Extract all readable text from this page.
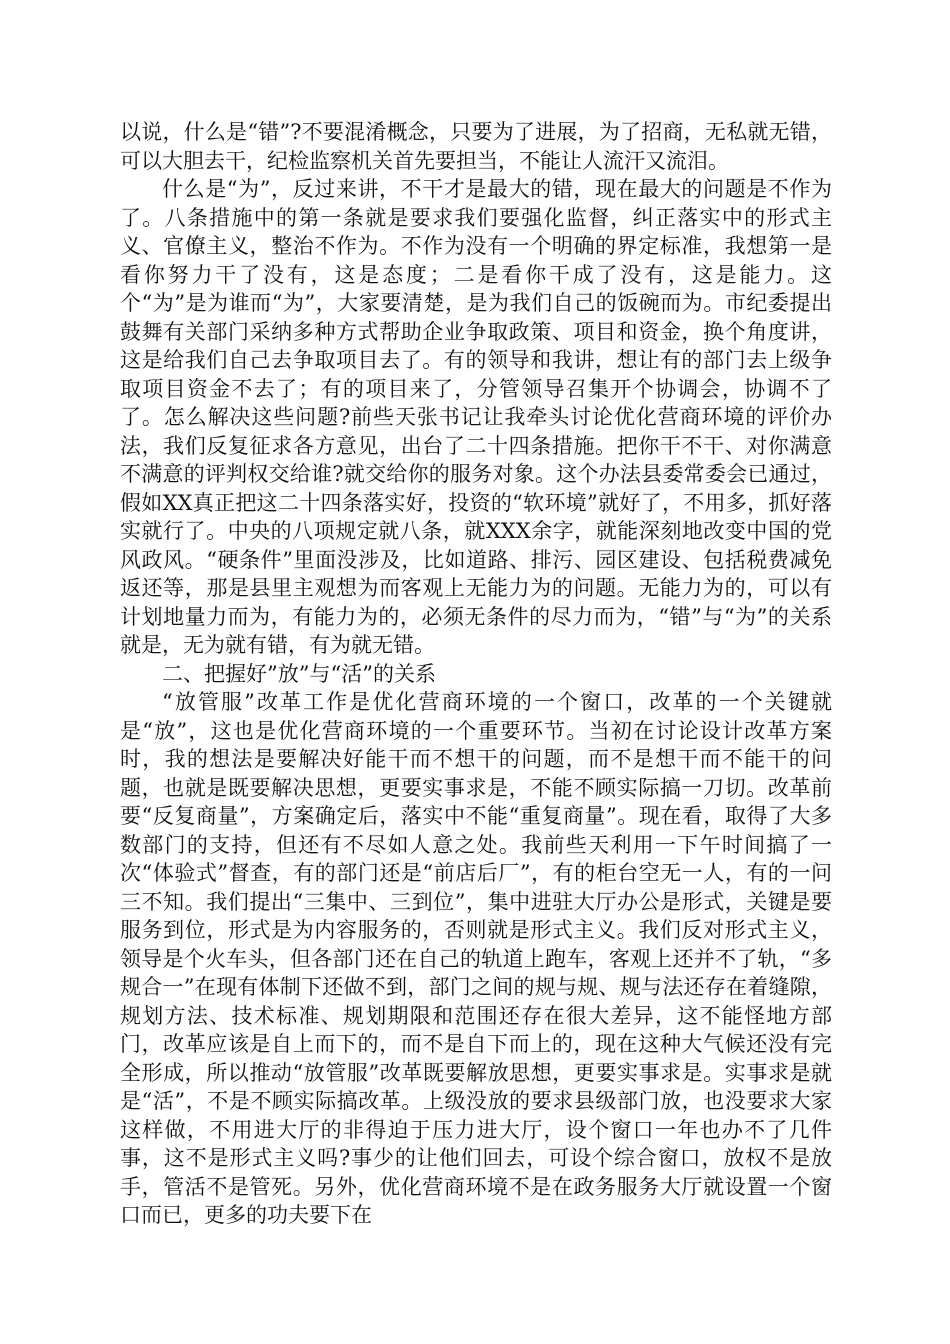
以说，什么是“错”?不要混淆概念，只要为了进展，为了招商，无私就无错，可以大胆去干，纪检监察机关首先要担当，不能让人流汗又流泪。

什么是“为”，反过来讲，不干才是最大的错，现在最大的问题是不作为了。八条措施中的第一条就是要求我们要强化监督，纠正落实中的形式主义、官僚主义，整治不作为。不作为没有一个明确的界定标准，我想第一是看你努力干了没有，这是态度；二是看你干成了没有，这是能力。这个“为”是为谁而“为”，大家要清楚，是为我们自己的饭碗而为。市纪委提出鼓舞有关部门采纳多种方式帮助企业争取政策、项目和资金，换个角度讲，这是给我们自己去争取项目去了。有的领导和我讲，想让有的部门去上级争取项目资金不去了；有的项目来了，分管领导召集开个协调会，协调不了了。怎么解决这些问题?前些天张书记让我牵头讨论优化营商环境的评价办法，我们反复征求各方意见，出台了二十四条措施。把你干不干、对你满意不满意的评判权交给谁?就交给你的服务对象。这个办法县委常委会已通过，假如XX真正把这二十四条落实好，投资的“软环境”就好了，不用多，抓好落实就行了。中央的八项规定就八条，就XXX余字，就能深刻地改变中国的党风政风。“硬条件”里面没涉及，比如道路、排污、园区建设、包括税费减免返还等，那是县里主观想为而客观上无能力为的问题。无能力为的，可以有计划地量力而为，有能力为的，必须无条件的尽力而为，“错”与“为”的关系就是，无为就有错，有为就无错。

二、把握好”放”与“活”的关系

“放管服”改革工作是优化营商环境的一个窗口，改革的一个关键就是“放”，这也是优化营商环境的一个重要环节。当初在讨论设计改革方案时，我的想法是要解决好能干而不想干的问题，而不是想干而不能干的问题，也就是既要解决思想，更要实事求是，不能不顾实际搞一刀切。改革前要“反复商量”，方案确定后，落实中不能“重复商量”。现在看，取得了大多数部门的支持，但还有不尽如人意之处。我前些天利用一下午时间搞了一次“体验式”督查，有的部门还是“前店后厂”，有的柜台空无一人，有的一问三不知。我们提出“三集中、三到位”，集中进驻大厅办公是形式，关键是要服务到位，形式是为内容服务的，否则就是形式主义。我们反对形式主义，领导是个火车头，但各部门还在自己的轨道上跑车，客观上还并不了轨，“多规合一”在现有体制下还做不到，部门之间的规与规、规与法还存在着缝隙，规划方法、技术标准、规划期限和范围还存在很大差异，这不能怪地方部门，改革应该是自上而下的，而不是自下而上的，现在这种大气候还没有完全形成，所以推动“放管服”改革既要解放思想，更要实事求是。实事求是就是“活”，不是不顾实际搞改革。上级没放的要求县级部门放，也没要求大家这样做，不用进大厅的非得迫于压力进大厅，设个窗口一年也办不了几件事，这不是形式主义吗?事少的让他们回去，可设个综合窗口，放权不是放手，管活不是管死。另外，优化营商环境不是在政务服务大厅就设置一个窗口而已，更多的功夫要下在
